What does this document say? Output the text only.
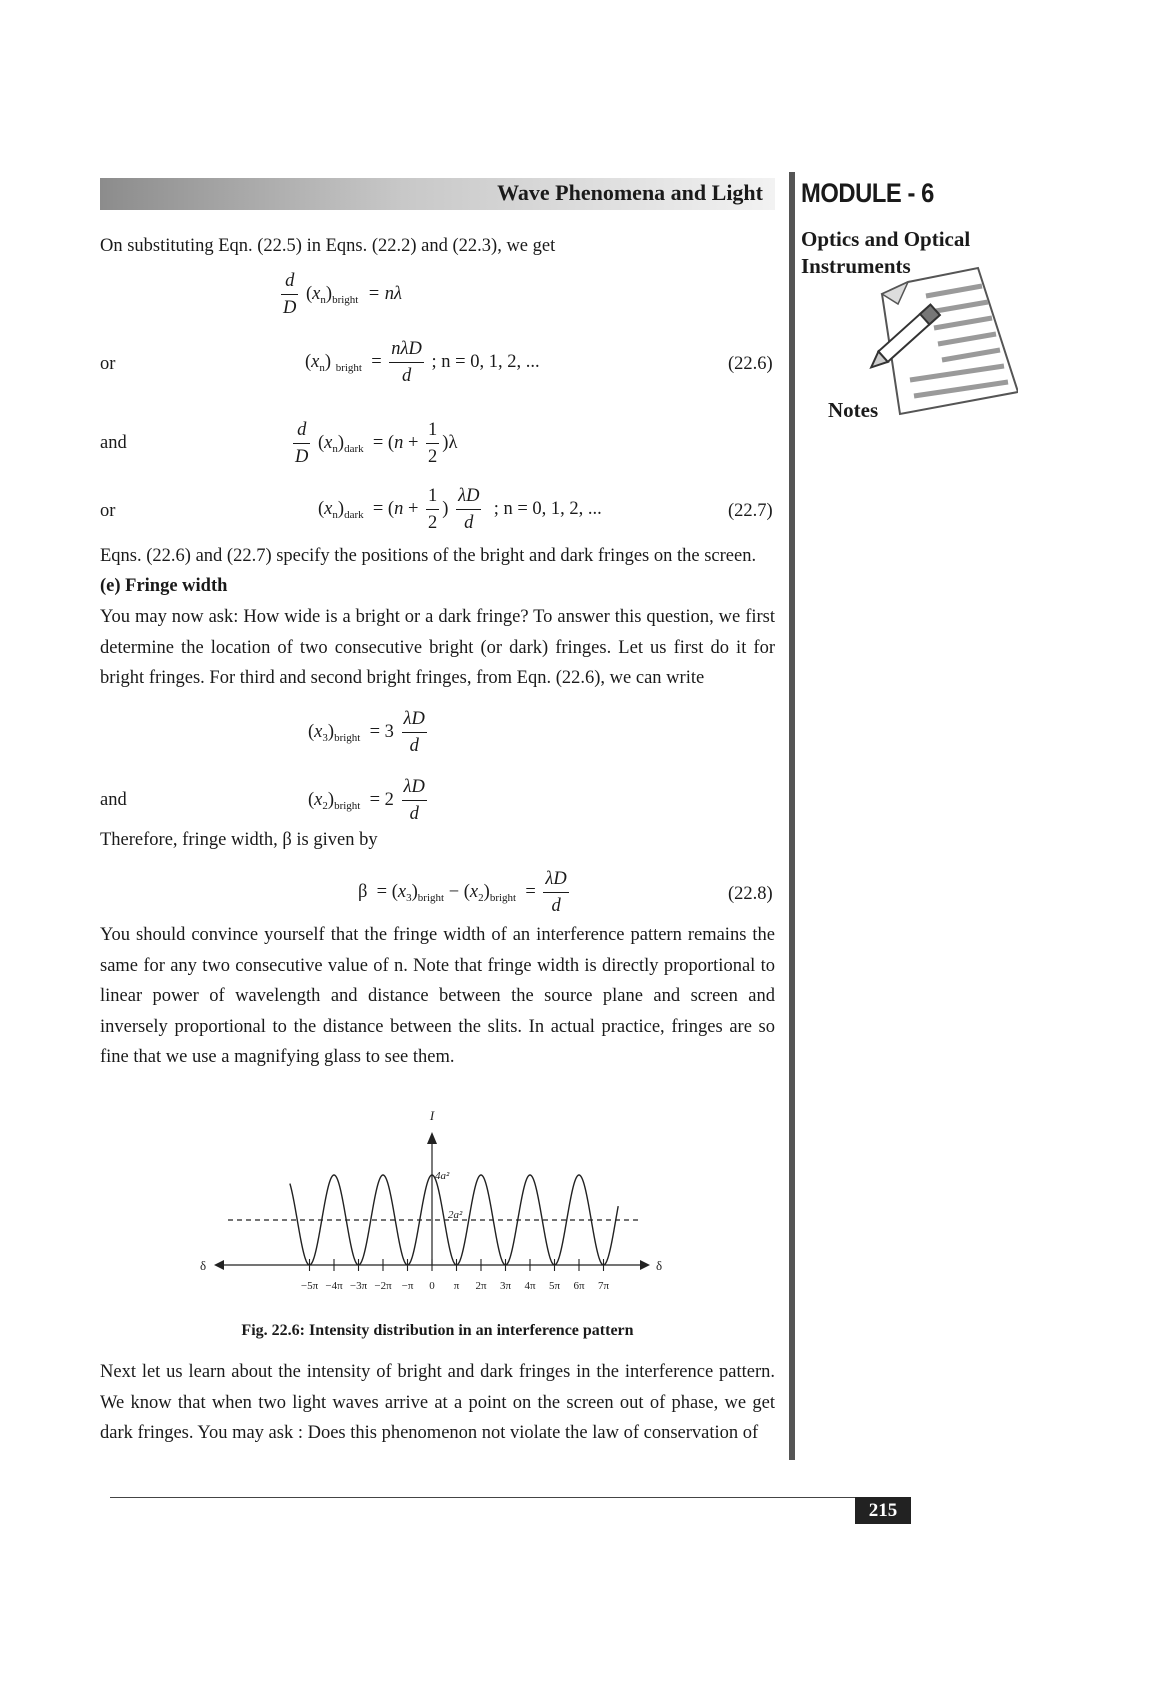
Wave Phenomena and Light MODULE - 6
Optics and Optical Instruments
Notes
On substituting Eqn. (22.5) in Eqns. (22.2) and (22.3), we get
$\frac{d}{D} (x_n)_{bright} = n\lambda$
or	$(x_n) _{bright} = \frac{\text{nλD}}{d}$ ; n = 0, 1, 2, ...	(22.6)
and	$\frac{d}{D} (x_n)_{dark} = (n + \frac{1}{2} )\lambda$
or	$(x_n)_{dark} = (n + \frac{1}{2}$ ) $\frac{\lambda D}{d}$ ; n = 0, 1, 2, ...	(22.7)
Eqns. (22.6) and (22.7) specify the positions of the bright and dark fringes on the screen.
(e) Fringe width
You may now ask: How wide is a bright or a dark fringe? To answer this question, we first determine the location of two consecutive bright (or dark) fringes. Let us first do it for bright fringes. For third and second bright fringes, from Eqn. (22.6), we can write
$(x_3)_{bright} = 3 \frac{\lambda D}{d}$
and	$(x_2)_{bright} = 2 \frac{\lambda D}{d}$
Therefore, fringe width, β is given by
$\beta = (x_3)_{bright} - (x_2)_{bright} = \frac{\lambda D}{d}$	(22.8)
You should convince yourself that the fringe width of an interference pattern remains the same for any two consecutive value of n. Note that fringe width is directly proportional to linear power of wavelength and distance between the source plane and screen and inversely proportional to the distance between the slits. In actual practice, fringes are so fine that we use a magnifying glass to see them.
−5π −4π −3π −2π −π 0 π 2π 3π 4π 5π 6π 7π
I
δ	δ
4a²
2a²
Fig. 22.6: Intensity distribution in an interference pattern
Next let us learn about the intensity of bright and dark fringes in the interference pattern. We know that when two light waves arrive at a point on the screen out of phase, we get dark fringes. You may ask : Does this phenomenon not violate the law of conservation of
215
